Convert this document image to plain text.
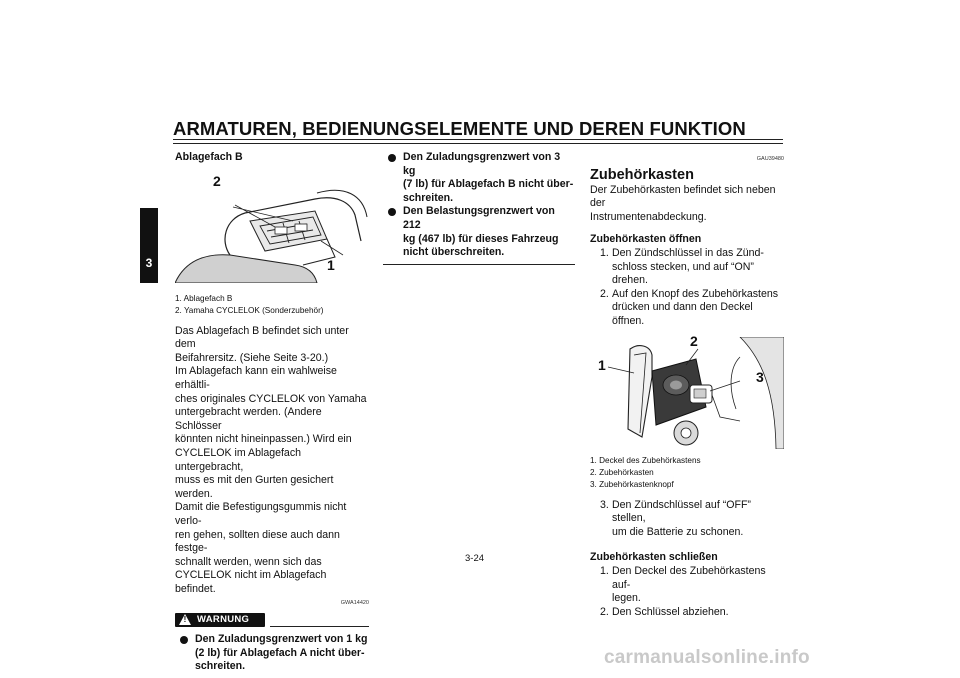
ARMATUREN, BEDIENUNGSELEMENTE UND DEREN FUNKTION
3
Ablagefach B
2
1
1. Ablagefach B
2. Yamaha CYCLELOK (Sonderzubehör)
Das Ablagefach B befindet sich unter dem
Beifahrersitz. (Siehe Seite 3-20.)
Im Ablagefach kann ein wahlweise erhältli-
ches originales CYCLELOK von Yamaha
untergebracht werden. (Andere Schlösser
könnten nicht hineinpassen.) Wird ein
CYCLELOK im Ablagefach untergebracht,
muss es mit den Gurten gesichert werden.
Damit die Befestigungsgummis nicht verlo-
ren gehen, sollten diese auch dann festge-
schnallt werden, wenn sich das
CYCLELOK nicht im Ablagefach befindet.
GWA14420
! WARNUNG
Den Zuladungsgrenzwert von 1 kg
(2 lb) für Ablagefach A nicht über-
schreiten.
Den Zuladungsgrenzwert von 3 kg
(7 lb) für Ablagefach B nicht über-
schreiten.
Den Belastungsgrenzwert von 212
kg (467 lb) für dieses Fahrzeug
nicht überschreiten.
GAU39480
Zubehörkasten
Der Zubehörkasten befindet sich neben der
Instrumentenabdeckung.
Zubehörkasten öffnen
1. Den Zündschlüssel in das Zünd-
schloss stecken, und auf “ON” drehen.
2. Auf den Knopf des Zubehörkastens
drücken und dann den Deckel öffnen.
1
2
3
1. Deckel des Zubehörkastens
2. Zubehörkasten
3. Zubehörkastenknopf
3. Den Zündschlüssel auf “OFF” stellen,
um die Batterie zu schonen.
Zubehörkasten schließen
1. Den Deckel des Zubehörkastens auf-
legen.
2. Den Schlüssel abziehen.
3-24
carmanualsonline.info
